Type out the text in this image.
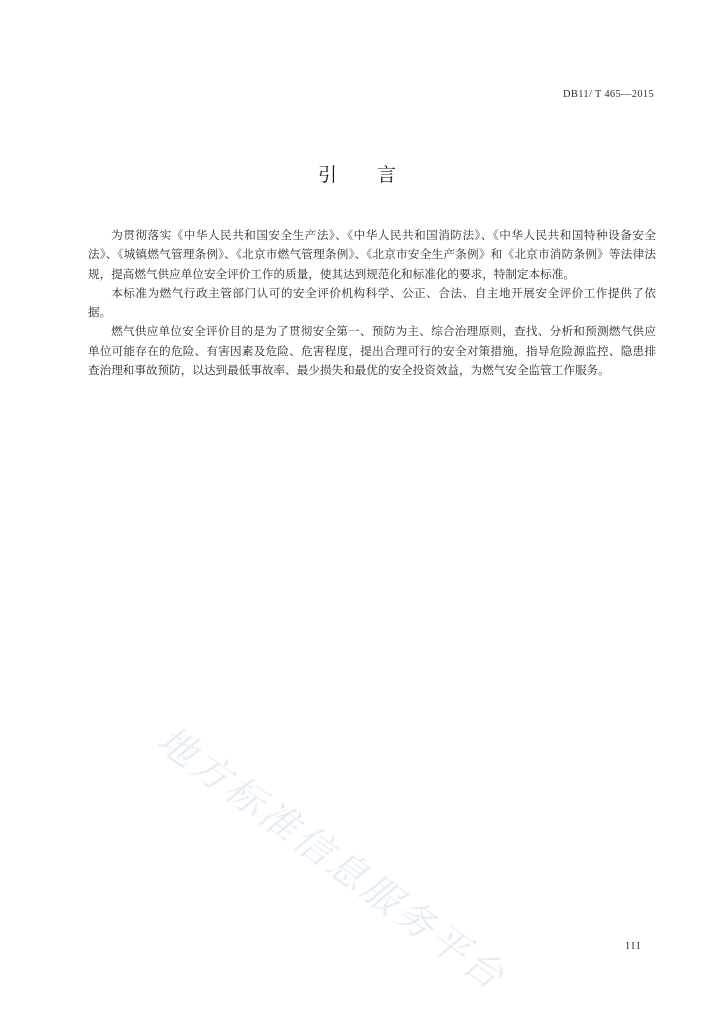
DB11/ T 465—2015
引言

为贯彻落实《中华人民共和国安全生产法》、《中华人民共和国消防法》、《中华人民共和国特种设备安全法》、《城镇燃气管理条例》、《北京市燃气管理条例》、《北京市安全生产条例》和《北京市消防条例》等法律法规，提高燃气供应单位安全评价工作的质量，使其达到规范化和标准化的要求，特制定本标准。

本标准为燃气行政主管部门认可的安全评价机构科学、公正、合法、自主地开展安全评价工作提供了依据。

燃气供应单位安全评价目的是为了贯彻安全第一、预防为主、综合治理原则，查找、分析和预测燃气供应单位可能存在的危险、有害因素及危险、危害程度，提出合理可行的安全对策措施，指导危险源监控、隐患排查治理和事故预防，以达到最低事故率、最少损失和最优的安全投资效益，为燃气安全监管工作服务。

地方标准信息服务平台	III
